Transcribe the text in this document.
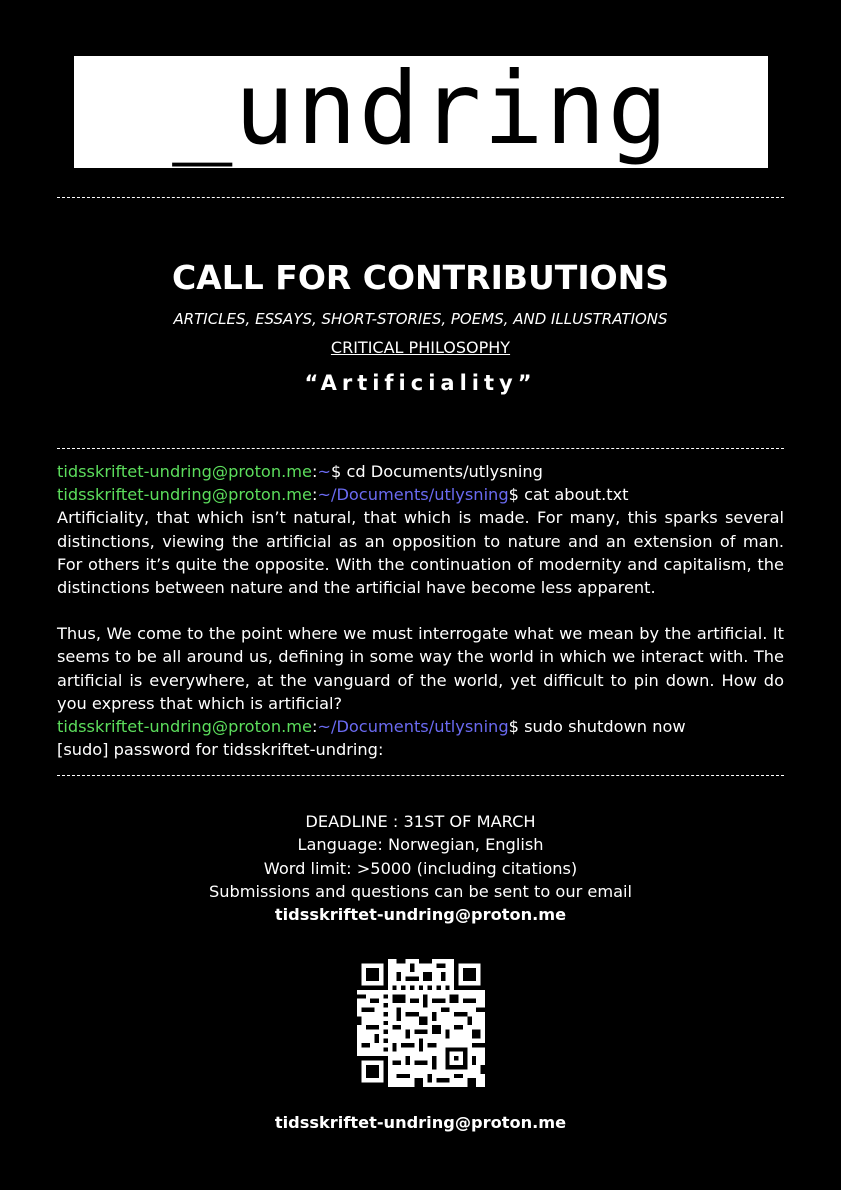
_undring
CALL FOR CONTRIBUTIONS
ARTICLES, ESSAYS, SHORT-STORIES, POEMS, AND ILLUSTRATIONS
CRITICAL PHILOSOPHY
“Artificiality”
tidsskriftet-undring@proton.me:~$ cd Documents/utlysning
tidsskriftet-undring@proton.me:~/Documents/utlysning$ cat about.txt
Artificiality, that which isn’t natural, that which is made. For many, this sparks several distinctions, viewing the artificial as an opposition to nature and an extension of man. For others it’s quite the opposite. With the continuation of modernity and capitalism, the distinctions between nature and the artificial have become less apparent.
Thus, We come to the point where we must interrogate what we mean by the artificial. It seems to be all around us, defining in some way the world in which we interact with. The artificial is everywhere, at the vanguard of the world, yet difficult to pin down. How do you express that which is artificial?
tidsskriftet-undring@proton.me:~/Documents/utlysning$ sudo shutdown now
[sudo] password for tidsskriftet-undring:
DEADLINE : 31ST OF MARCH
Language: Norwegian, English
Word limit: >5000 (including citations)
Submissions and questions can be sent to our email
tidsskriftet-undring@proton.me
tidsskriftet-undring@proton.me
